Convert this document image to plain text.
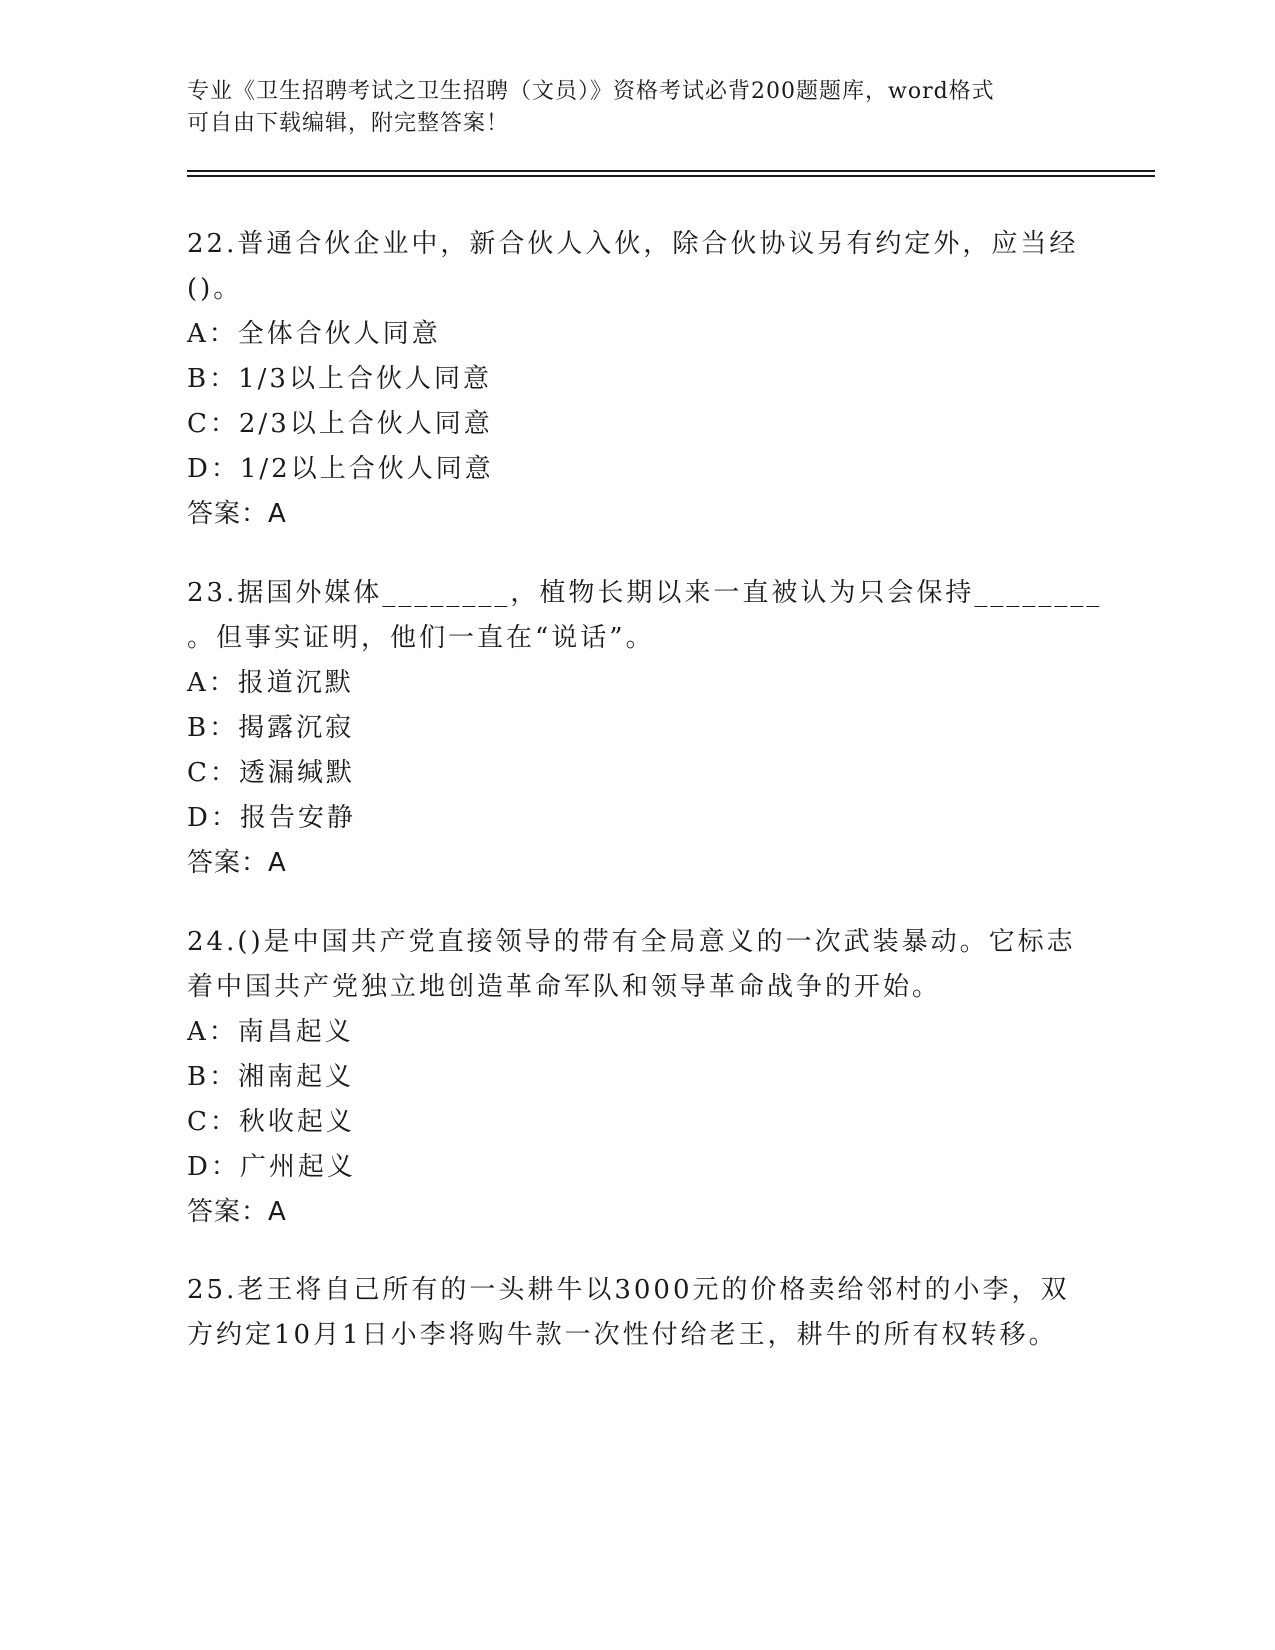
专业《卫生招聘考试之卫生招聘（文员）》资格考试必背200题题库，word格式
可自由下载编辑，附完整答案！
22.普通合伙企业中，新合伙人入伙，除合伙协议另有约定外，应当经
()。
A：全体合伙人同意
B：1/3以上合伙人同意
C：2/3以上合伙人同意
D：1/2以上合伙人同意
答案：A
23.据国外媒体________，植物长期以来一直被认为只会保持________
。但事实证明，他们一直在“说话”。
A：报道沉默
B：揭露沉寂
C：透漏缄默
D：报告安静
答案：A
24.()是中国共产党直接领导的带有全局意义的一次武装暴动。它标志
着中国共产党独立地创造革命军队和领导革命战争的开始。
A：南昌起义
B：湘南起义
C：秋收起义
D：广州起义
答案：A
25.老王将自己所有的一头耕牛以3000元的价格卖给邻村的小李，双
方约定10月1日小李将购牛款一次性付给老王，耕牛的所有权转移。
